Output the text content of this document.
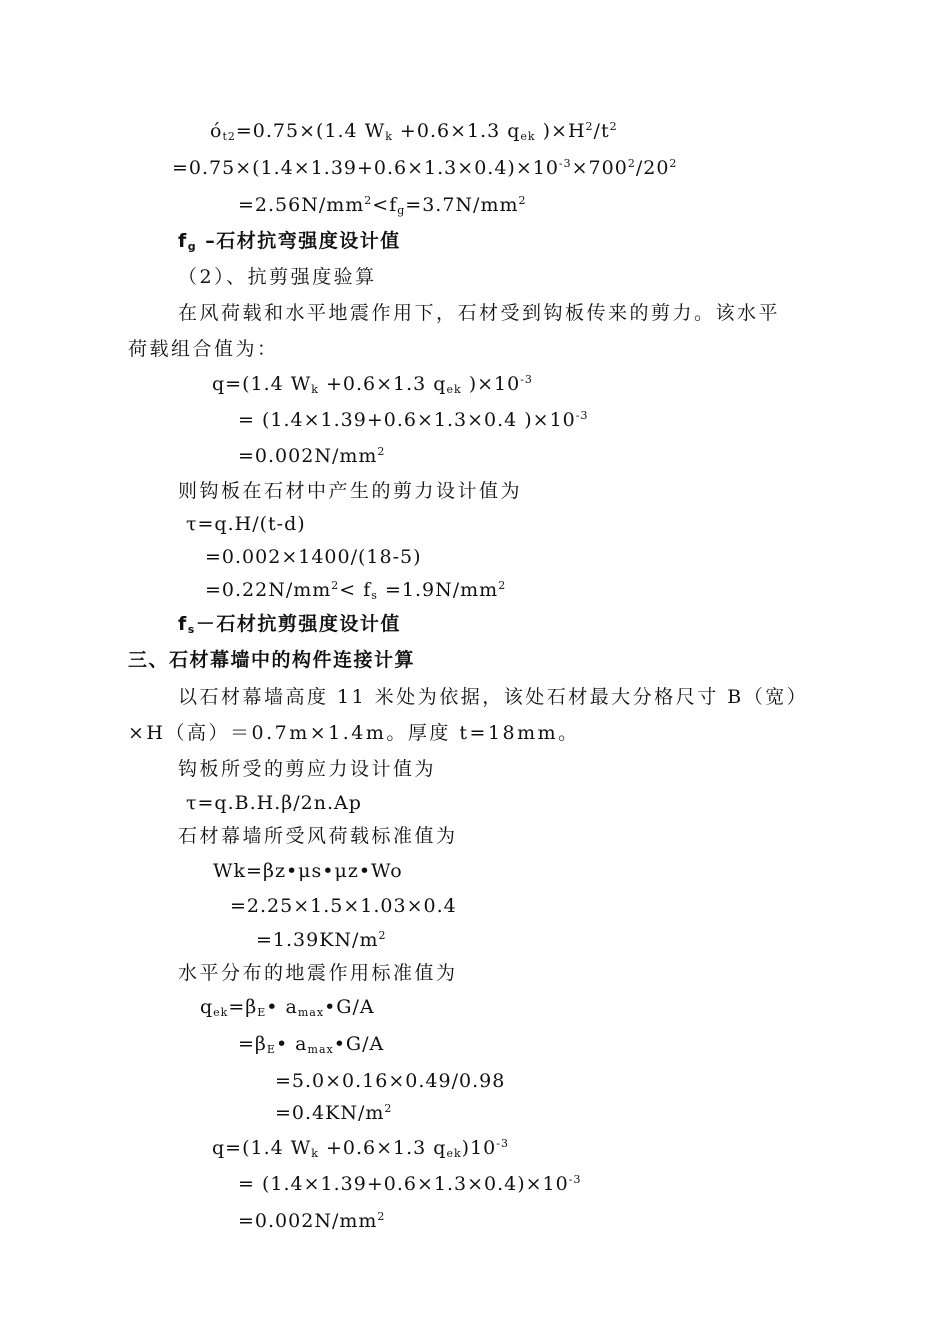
$ó_{t2}=0.75\times(1.4$ $W_k +0.6\times 1.3$ $q_{ek}$ )$\times H^2/t^2$
$=0.75\times(1.4\times 1.39+0.6\times 1.3\times 0.4)\times 10^{-3}\times 700^2/20^2$
$=2.56N/mm^2<f_g=3.7N/mm^2$
$f_g$ –石材抗弯强度设计值
（2）、抗剪强度验算
在风荷载和水平地震作用下，石材受到钩板传来的剪力。该水平
荷载组合值为：
q=(1.4 $W_k +0.6\times 1.3$ $q_{ek}$ )$\times 10^{-3}$
= (1.4×1.39+0.6×1.3×0.4 )$\times 10^{-3}$
$=0.002N/mm^2$
则钩板在石材中产生的剪力设计值为
τ=q.H/(t-d)
=0.002×1400/(18-5)
$=0.22N/mm^2< f_s =1.9N/mm^2$
$f_s-$石材抗剪强度设计值
三、石材幕墙中的构件连接计算
以石材幕墙高度 11 米处为依据，该处石材最大分格尺寸 B（宽）
×H（高）＝0.7m×1.4m。厚度 t=18mm。
钩板所受的剪应力设计值为
τ=q.B.H.β/2n.Ap
石材幕墙所受风荷载标准值为
Wk=βz•μs•μz•Wo
=2.25×1.5×1.03×0.4
$=1.39KN/m^2$
水平分布的地震作用标准值为
$q_{ek}=\beta_E•$ $a_{max}•G/A$
$=\beta_E•$ $a_{max}•G/A$
=5.0×0.16×0.49/0.98
$=0.4KN/m^2$
q=(1.4 $W_k +0.6\times 1.3$ $q_{ek})10^{-3}$
= $(1.4\times 1.39+0.6\times 1.3\times 0.4)\times 10^{-3}$
$=0.002N/mm^2$
